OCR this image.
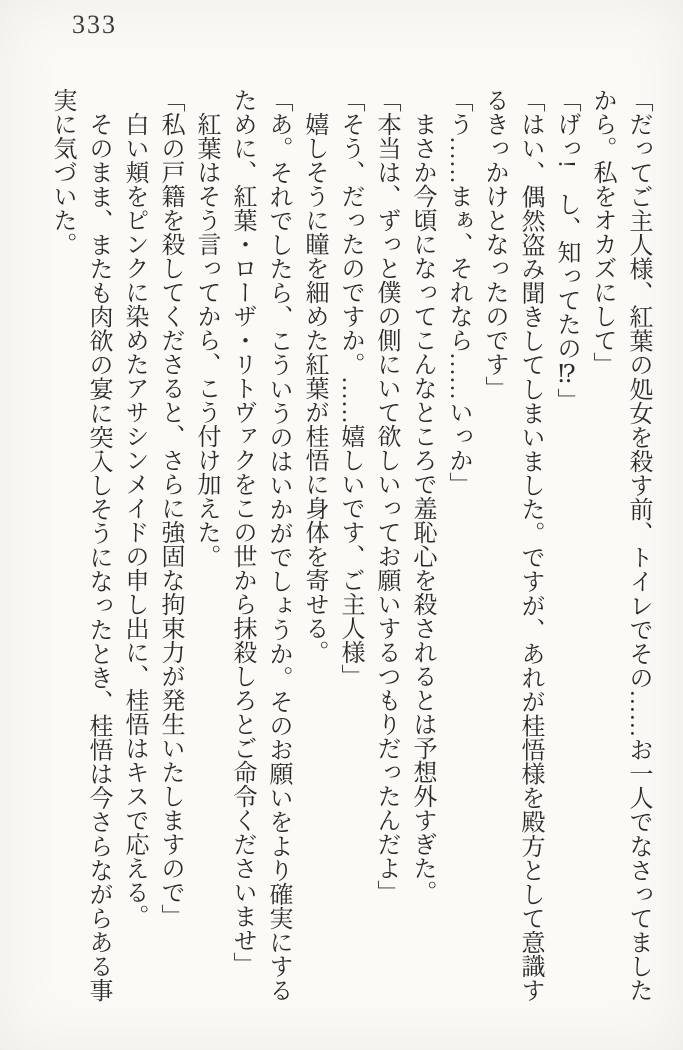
333

「だってご主人様、紅葉の処女を殺す前、トイレでその……お一人でなさってましたから。私をオカズにして」

「げっ!　し、知ってたの⁉」

「はい、偶然盗み聞きしてしまいました。ですが、あれが桂悟様を殿方として意識するきっかけとなったのです」

「う……まぁ、それなら……いっか」

まさか今頃になってこんなところで羞恥心を殺されるとは予想外すぎた。

「本当は、ずっと僕の側にいて欲しいってお願いするつもりだったんだよ」

「そう、だったのですか。……嬉しいです、ご主人様」

嬉しそうに瞳を細めた紅葉が桂悟に身体を寄せる。

「あ。それでしたら、こういうのはいかがでしょうか。そのお願いをより確実にするために、紅葉・ローザ・リトヴァクをこの世から抹殺しろとご命令くださいませ」

紅葉はそう言ってから、こう付け加えた。

「私の戸籍を殺してくださると、さらに強固な拘束力が発生いたしますので」

白い頬をピンクに染めたアサシンメイドの申し出に、桂悟はキスで応える。

そのまま、またも肉欲の宴に突入しそうになったとき、桂悟は今さらながらある事実に気づいた。
